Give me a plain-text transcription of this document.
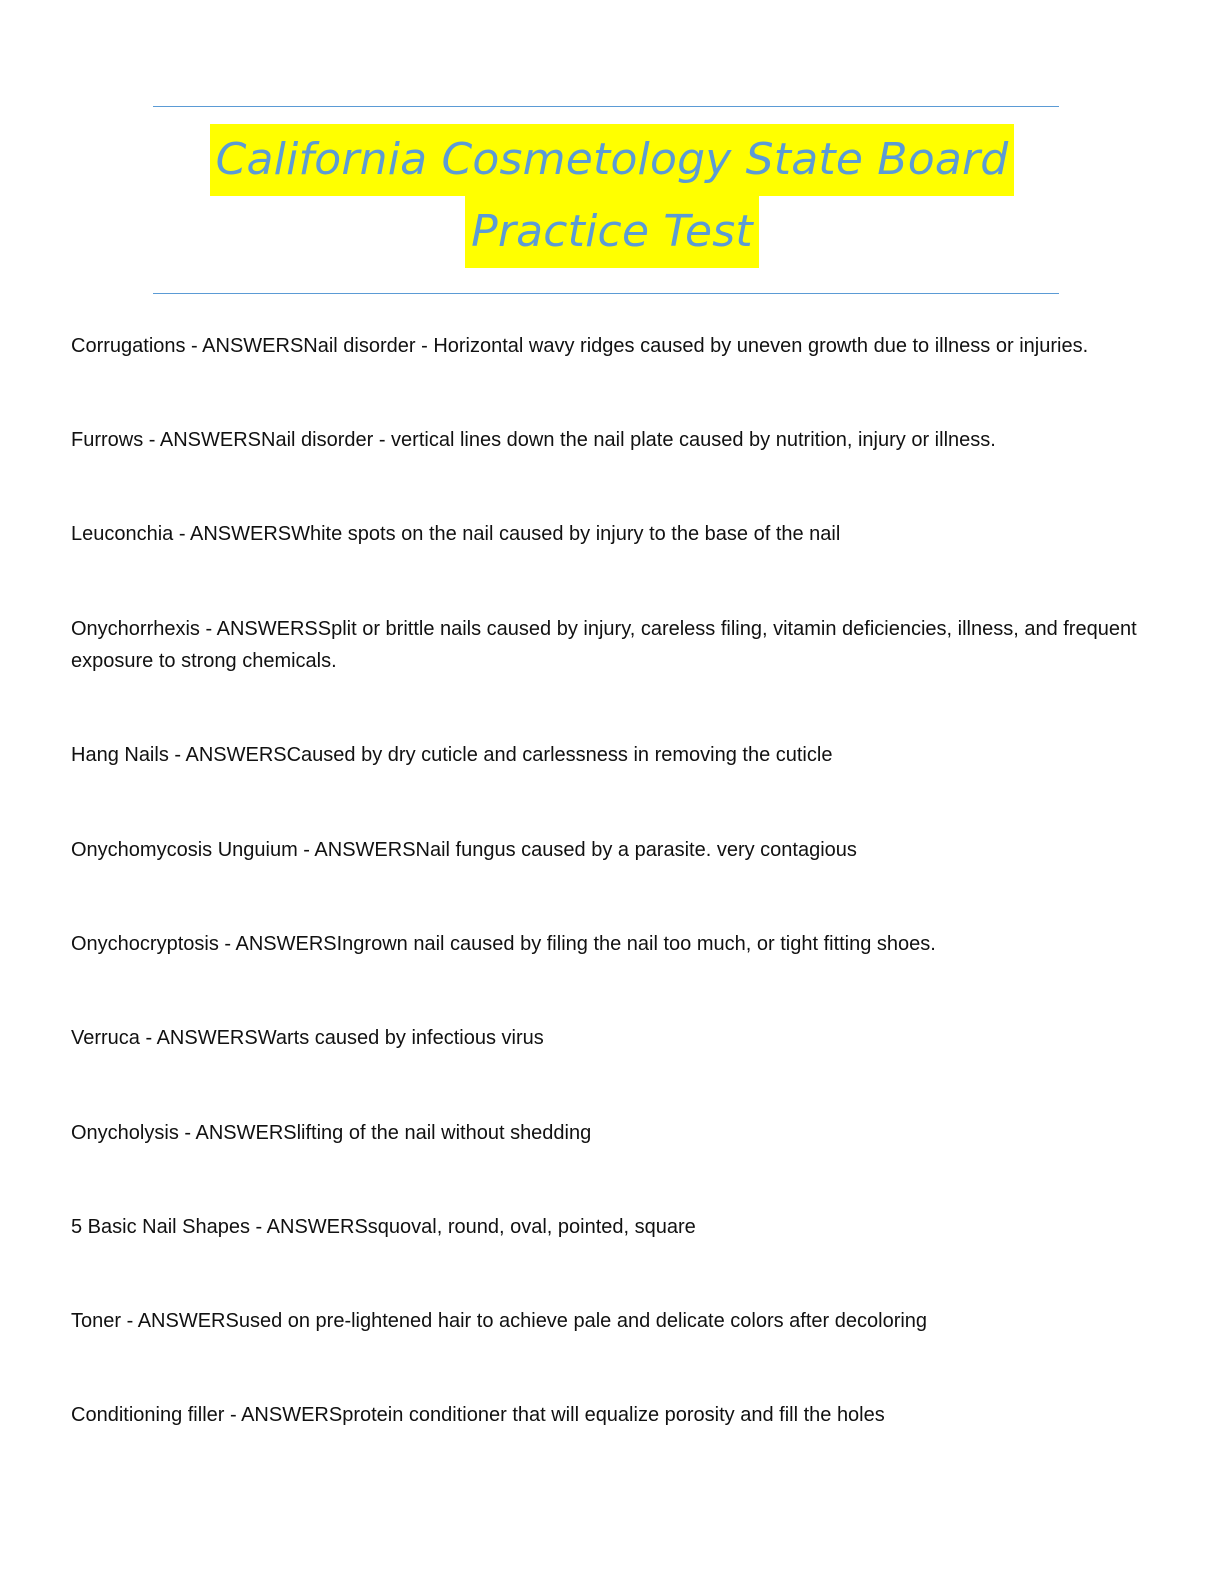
California Cosmetology State Board
Practice Test
Corrugations - ANSWERSNail disorder - Horizontal wavy ridges caused by uneven growth due to illness or injuries.
Furrows - ANSWERSNail disorder - vertical lines down the nail plate caused by nutrition, injury or illness.
Leuconchia - ANSWERSWhite spots on the nail caused by injury to the base of the nail
Onychorrhexis - ANSWERSSplit or brittle nails caused by injury, careless filing, vitamin deficiencies, illness, and frequent exposure to strong chemicals.
Hang Nails - ANSWERSCaused by dry cuticle and carlessness in removing the cuticle
Onychomycosis Unguium - ANSWERSNail fungus caused by a parasite. very contagious
Onychocryptosis - ANSWERSIngrown nail caused by filing the nail too much, or tight fitting shoes.
Verruca - ANSWERSWarts caused by infectious virus
Onycholysis - ANSWERSlifting of the nail without shedding
5 Basic Nail Shapes - ANSWERSsquoval, round, oval, pointed, square
Toner - ANSWERSused on pre-lightened hair to achieve pale and delicate colors after decoloring
Conditioning filler - ANSWERSprotein conditioner that will equalize porosity and fill the holes
